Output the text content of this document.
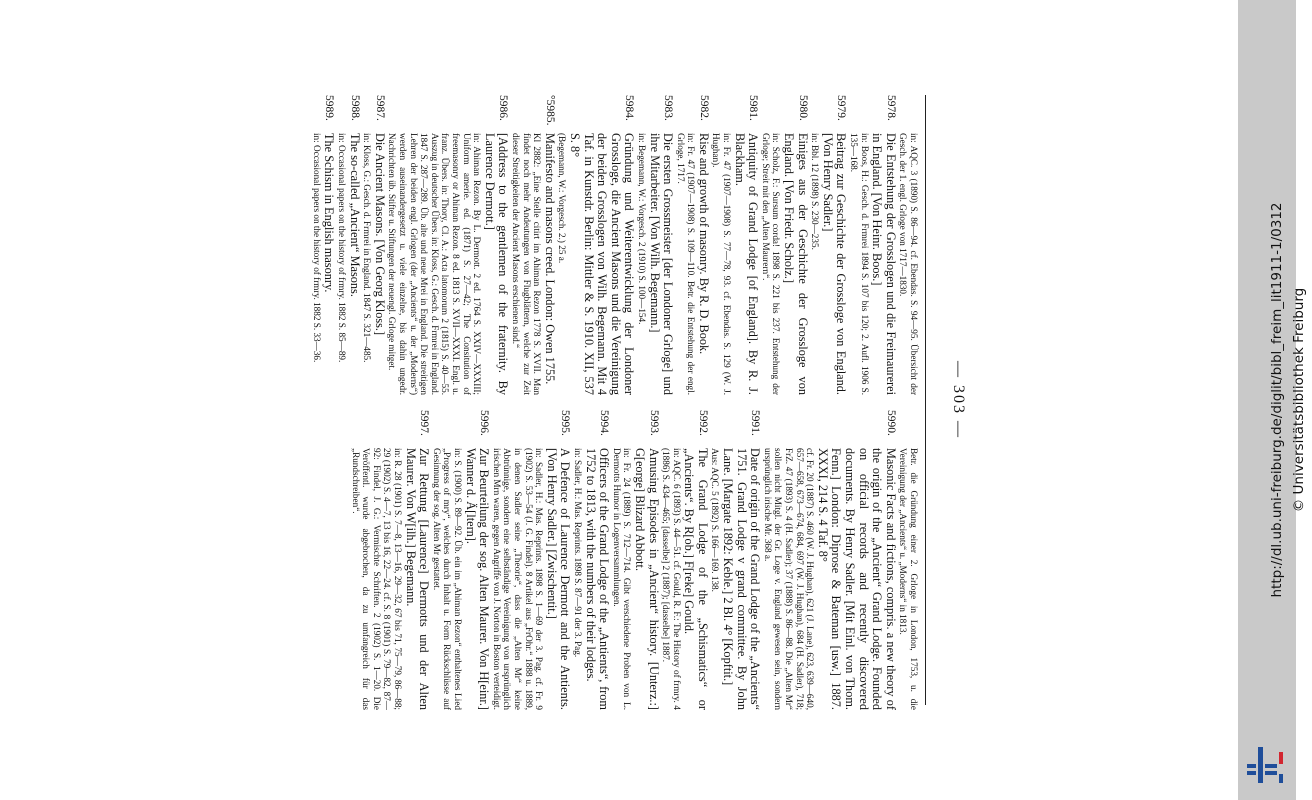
— 303 —
in: AQC. 3 (1890) S. 86—94. cf. Ebendas. S. 94—95. Übersicht der Gesch. der 1. engl. Grloge von 1717—1830.
5978.
Die Entstehung der Grosslogen und die Freimaurerei in England. [Von Heinr. Boos.]
in: Boos, H.: Gesch. d. Frmrei 1894 S. 107 bis 120; 2. Aufl. 1906 S. 135—168.
5979.
Beitrag zur Geschichte der Grossloge von England. [Von Henry Sadler.]
in: Bbl. 12 (1898) S. 230—235.
5980.
Einiges aus der Geschichte der Grossloge von England. [Von Friedr. Scholz.]
in: Scholz, F.: Sursum corda! 1898 S. 221 bis 237. Entstehung der Grloge; Streit mit den „Alten Maurern“.
5981.
Antiquity of Grand Lodge [of England]. By R. J. Blackham.
in: Fr. 47 (1907—1908) S. 77—78, 93. cf. Ebendas. S. 129 (W. J. Hughan).
5982.
Rise and growth of masonry. By R. D. Book.
in: Fr. 47 (1907—1908) S. 109—110. Betr. die Entstehung der engl. Grloge, 1717.
5983.
Die ersten Grossmeister [der Londoner Grloge] und ihre Mitarbeiter. [Von Wilh. Begemann.]
in: Begemann, W.: Vorgesch. 2 (1910) S. 100—154.
5984.
Gründung und Weiterentwicklung der Londoner Grossloge, die Ancient Masons und die Vereinigung der beiden Grosslogen von Wilh. Begemann. Mit 4 Taf. in Kunstdr. Berlin: Mittler & S. 1910. XII, 537 S. 8°
(Begemann, W.: Vorgesch. 2.) 25 a.
°5985.
Manifesto and masons creed. London: Owen 1755.
Kl 2882: „Eine Stelle citirt im Ahiman Rezon 1778 S. XVII. Man findet noch mehr Andeutungen von Flugblättern, welche zur Zeit dieser Streitigkeiten der Ancient Masons erschienen sind.“
5986.
[Address to the gentlemen of the fraternity. By Laurence Dermott.]
in: Ahiman Rezon. By L. Dermott. 2 ed. 1764 S. XXIV—XXXIII; Uniform amerie. ed. (1871) S. 27—42; The Consitution of freemasonry or Ahiman Rezon. 8 ed. 1813 S. XVII—XXXI. Engl. u. franz. Übers. in: Thory, Cl. A.: Acta latomorum 2 (1815) S. 40—55. Auszug in deutscher Übers. in: Kloss, G.: Gesch. d. Frmrei in England. 1847 S. 287—289. Üb. alte und neue Mrei in England. Die streitigen Lehren der beiden engl. Grlogen (der „Ancients“ u. der „Moderns“) werden auseinandergesetzt u. viele einzelne, bis dahin ungedr. Nachrichten üb. Stifter u. Stiftungen der neuengl. Grloge mitget.
5987.
Die Ancient Masons. [Von Georg Kloss.]
in: Kloss, G.: Gesch. d. Frmrei in England. 1847 S. 321—485.
5988.
The so-called „Ancient“ Masons.
in: Occasional papers on the history of frmry. 1882 S. 85—89.
5989.
The Schism in English masonry.
in: Occasional papers on the history of frmry. 1882 S. 33—36.
Betr. die Gründung einer 2. Grloge in London, 1753, u. die Vereinigung der „Ancients“ u. „Moderns“ in 1813.
5990.
Masonic Facts and fictions, compris. a new theory of the origin of the „Ancient“ Grand Lodge. Founded on official records and recently discovered documents. By Henry Sadler. [Mit Einl. von Thom. Fenn.] London: Diprose & Bateman [usw.] 1887. XXXI, 214 S. 4 Taf. 8°
cf. Fr. 20 (1887) S. 460 (W. J. Hughan), 621 (J. Lane), 623, 639—640, 657—658, 673—674, 684, 697 (W. J. Hughan), 684 (H. Sadler), 718; FrZ. 47 (1893) S. 4 (H. Sadler); 37 (1888) S. 86—88. Die „Alten Mr“ sollen nicht Mitgl. der Gr. Loge v. England gewesen sein, sondern ursprünglich irische Mr. 368 a.
5991.
Date of origin of the Grand Lodge of the „Ancients“ 1751. Grand Lodge v grand committee. By John Lane. [Margate 1892: Keble.] 2 Bl. 4° [Kopftit.]
Aus: AQC. 5 (1892) S. 166—169. 138.
5992.
The Grand Lodge of the „Schismatics“ or „Ancients“. By R[ob.] F[reke] Gould.
in: AQC. 6 (1893) S. 44—51. cf. Gould, R. F.: The History of frmry. 4 (1886) S. 434—465; [dasselbe] 2 (1887); [dasselbe] 1887.
5993.
Amusing Episodes in „Ancient“ history. [Unterz.:] G[eorge] Blizard Abbott.
in: Fr. 24 (1889) S. 712—714. Gibt verschiedene Proben von L. Dermotts Humor in Logenversammlungen.
5994.
Officers of the Grand Lodge of the „Antients“, from 1752 to 1813, with the numbers of their lodges.
in: Sadler, H.: Mas. Reprints. 1898 S. 87—91 der 3. Pag.
5995.
A Defence of Laurence Dermott and the Antients. [Von Henry Sadler.] [Zwischentit.]
in: Sadler, H.: Mas. Reprints. 1898 S. 1—69 der 3. Pag. cf. Fr. 9 (1902) S. 53—54 (J. G. Findel). 8 Artikel aus „FrOhr.“ 1888 u. 1889, in denen Sadler seine „Theorie“, dass die „Alten Mr“ keine Abtrünnige, sondern eine selbständige Vereinigung von ursprünglich irischen Mrn waren, gegen Angriffe von J. Norton in Boston verteidigt.
5996.
Zur Beurteilung der sog. Alten Maurer. Von H[einr.] Wanner d. Ä[ltern].
in: S. (1900) S. 89—92. Üb. ein im „Ahiman Rezon“ enthaltenes Lied „Progress of mry“, welches durch Inhalt u. Form Rückschlüsse auf Gesinnung der sog. Alten Mr gestattet.
5997.
Zur Rettung [Laurence] Dermotts und der Alten Maurer. Von W[ilh.] Begemann.
in: R. 28 (1901) S. 7—8, 13—16, 29—32, 67 bis 71, 75—79, 86—88; 29 (1902) S. 4—7, 13 bis 16, 22—24. cf. S. 8 (1901) S. 79—82, 87—92: Findel, J. G.: Vermischte Schriften. 2 (1902) S. 1—20. Die Veröffentl. wurde abgebrochen, da zu umfangreich für das „Rundschreiben“.	http://dl.ub.uni-freiburg.de/diglit/bibl_freim_lit1911-1/0312 © Universitätsbibliothek Freiburg
